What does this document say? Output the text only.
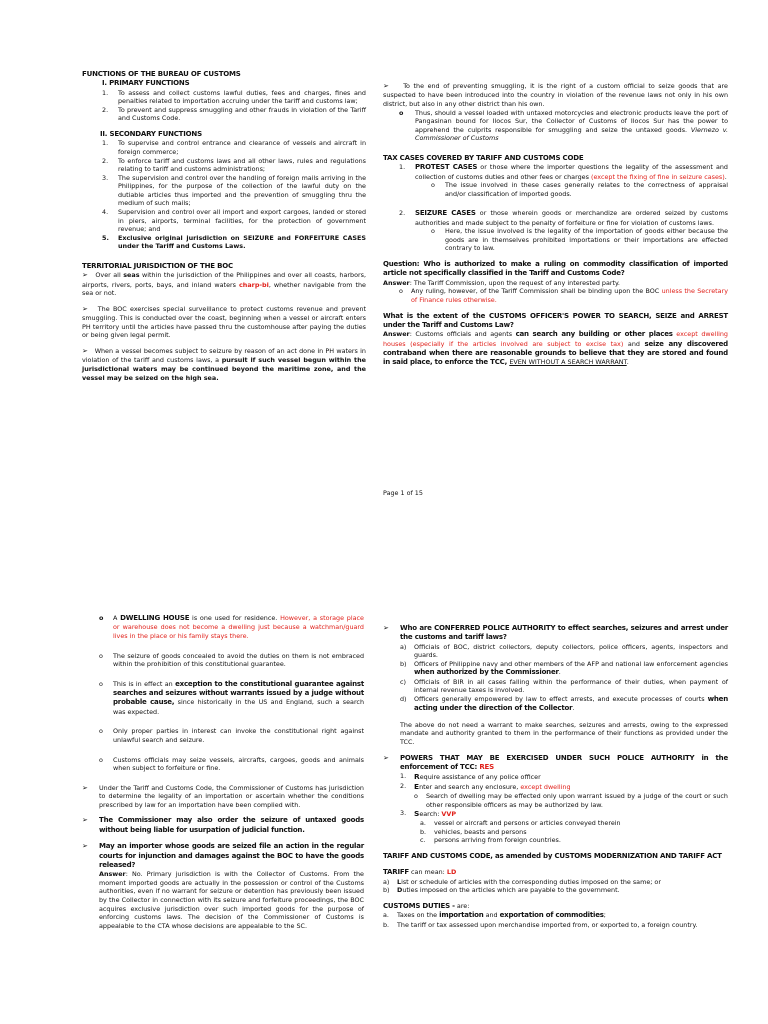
FUNCTIONS OF THE BUREAU OF CUSTOMS
I. PRIMARY FUNCTIONS
1.	To assess and collect customs lawful duties, fees and charges, fines and penalties related to importation accruing under the tariff and customs law;
2.	To prevent and suppress smuggling and other frauds in violation of the Tariff and Customs Code.
II. SECONDARY FUNCTIONS
1.	To supervise and control entrance and clearance of vessels and aircraft in foreign commerce;
2.	To enforce tariff and customs laws and all other laws, rules and regulations relating to tariff and customs administrations;
3.	The supervision and control over the handling of foreign mails arriving in the Philippines, for the purpose of the collection of the lawful duty on the dutiable articles thus imported and the prevention of smuggling thru the medium of such mails;
4.	Supervision and control over all import and export cargoes, landed or stored in piers, airports, terminal facilities, for the protection of government revenue; and
5.	Exclusive original jurisdiction on SEIZURE and FORFEITURE CASES under the Tariff and Customs Laws.
TERRITORIAL JURISDICTION OF THE BOC
➢ Over all seas within the jurisdiction of the Philippines and over all coasts, harbors, airports, rivers, ports, bays, and inland waters charp-bi, whether navigable from the sea or not.
➢ The BOC exercises special surveillance to protect customs revenue and prevent smuggling. This is conducted over the coast, beginning when a vessel or aircraft enters PH territory until the articles have passed thru the customhouse after paying the duties or being given legal permit.
➢ When a vessel becomes subject to seizure by reason of an act done in PH waters in violation of the tariff and customs laws, a pursuit if such vessel begun within the jurisdictional waters may be continued beyond the maritime zone, and the vessel may be seized on the high sea.
➢ To the end of preventing smuggling, it is the right of a custom official to seize goods that are suspected to have been introduced into the country in violation of the revenue laws not only in his own district, but also in any other district than his own.
o	Thus, should a vessel loaded with untaxed motorcycles and electronic products leave the port of Pangasinan bound for Ilocos Sur, the Collector of Customs of Ilocos Sur has the power to apprehend the culprits responsible for smuggling and seize the untaxed goods. Viernezo v. Commissioner of Customs
TAX CASES COVERED BY TARIFF AND CUSTOMS CODE
1.	PROTEST CASES or those where the importer questions the legality of the assessment and collection of customs duties and other fees or charges (except the fixing of fine in seizure cases).
o	The issue involved in these cases generally relates to the correctness of appraisal and/or classification of imported goods.
2.	SEIZURE CASES or those wherein goods or merchandize are ordered seized by customs authorities and made subject to the penalty of forfeiture or fine for violation of customs laws.
o	Here, the issue involved is the legality of the importation of goods either because the goods are in themselves prohibited importations or their importations are effected contrary to law.
Question: Who is authorized to make a ruling on commodity classification of imported article not specifically classified in the Tariff and Customs Code?
Answer: The Tariff Commission, upon the request of any interested party.
o	Any ruling, however, of the Tariff Commission shall be binding upon the BOC unless the Secretary of Finance rules otherwise.
What is the extent of the CUSTOMS OFFICER'S POWER TO SEARCH, SEIZE and ARREST under the Tariff and Customs Law?
Answer: Customs officials and agents can search any building or other places except dwelling houses (especially if the articles involved are subject to excise tax) and seize any discovered contraband when there are reasonable grounds to believe that they are stored and found in said place, to enforce the TCC, EVEN WITHOUT A SEARCH WARRANT.
Page 1 of 15
o	A DWELLING HOUSE is one used for residence. However, a storage place or warehouse does not become a dwelling just because a watchman/guard lives in the place or his family stays there.
o	The seizure of goods concealed to avoid the duties on them is not embraced within the prohibition of this constitutional guarantee.
o	This is in effect an exception to the constitutional guarantee against searches and seizures without warrants issued by a judge without probable cause, since historically in the US and England, such a search was expected.
o	Only proper parties in interest can invoke the constitutional right against unlawful search and seizure.
o	Customs officials may seize vessels, aircrafts, cargoes, goods and animals when subject to forfeiture or fine.
➢	Under the Tariff and Customs Code, the Commissioner of Customs has jurisdiction to determine the legality of an importation or ascertain whether the conditions prescribed by law for an importation have been complied with.
➢	The Commissioner may also order the seizure of untaxed goods without being liable for usurpation of judicial function.
➢	May an importer whose goods are seized file an action in the regular courts for injunction and damages against the BOC to have the goods released?
Answer: No. Primary jurisdiction is with the Collector of Customs. From the moment imported goods are actually in the possession or control of the Customs authorities, even if no warrant for seizure or detention has previously been issued by the Collector in connection with its seizure and forfeiture proceedings, the BOC acquires exclusive jurisdiction over such imported goods for the purpose of enforcing customs laws. The decision of the Commissioner of Customs is appealable to the CTA whose decisions are appealable to the SC.
➢	Who are CONFERRED POLICE AUTHORITY to effect searches, seizures and arrest under the customs and tariff laws?
a)	Officials of BOC, district collectors, deputy collectors, police officers, agents, inspectors and guards.
b)	Officers of Philippine navy and other members of the AFP and national law enforcement agencies when authorized by the Commissioner.
c)	Officials of BIR in all cases falling within the performance of their duties, when payment of internal revenue taxes is involved.
d)	Officers generally empowered by law to effect arrests, and execute processes of courts when acting under the direction of the Collector.
The above do not need a warrant to make searches, seizures and arrests, owing to the expressed mandate and authority granted to them in the performance of their functions as provided under the TCC.
➢	POWERS THAT MAY BE EXERCISED UNDER SUCH POLICE AUTHORITY in the enforcement of TCC: RES
1.	Require assistance of any police officer
2.	Enter and search any enclosure, except dwelling
o	Search of dwelling may be effected only upon warrant issued by a judge of the court or such other responsible officers as may be authorized by law.
3.	Search: VVP
a.	vessel or aircraft and persons or articles conveyed therein
b.	vehicles, beasts and persons
c.	persons arriving from foreign countries.
TARIFF AND CUSTOMS CODE, as amended by CUSTOMS MODERNIZATION AND TARIFF ACT
TARIFF can mean: LD
a)	List or schedule of articles with the corresponding duties imposed on the same; or
b)	Duties imposed on the articles which are payable to the government.
CUSTOMS DUTIES - are:
a.	Taxes on the importation and exportation of commodities;
b.	The tariff or tax assessed upon merchandise imported from, or exported to, a foreign country.
